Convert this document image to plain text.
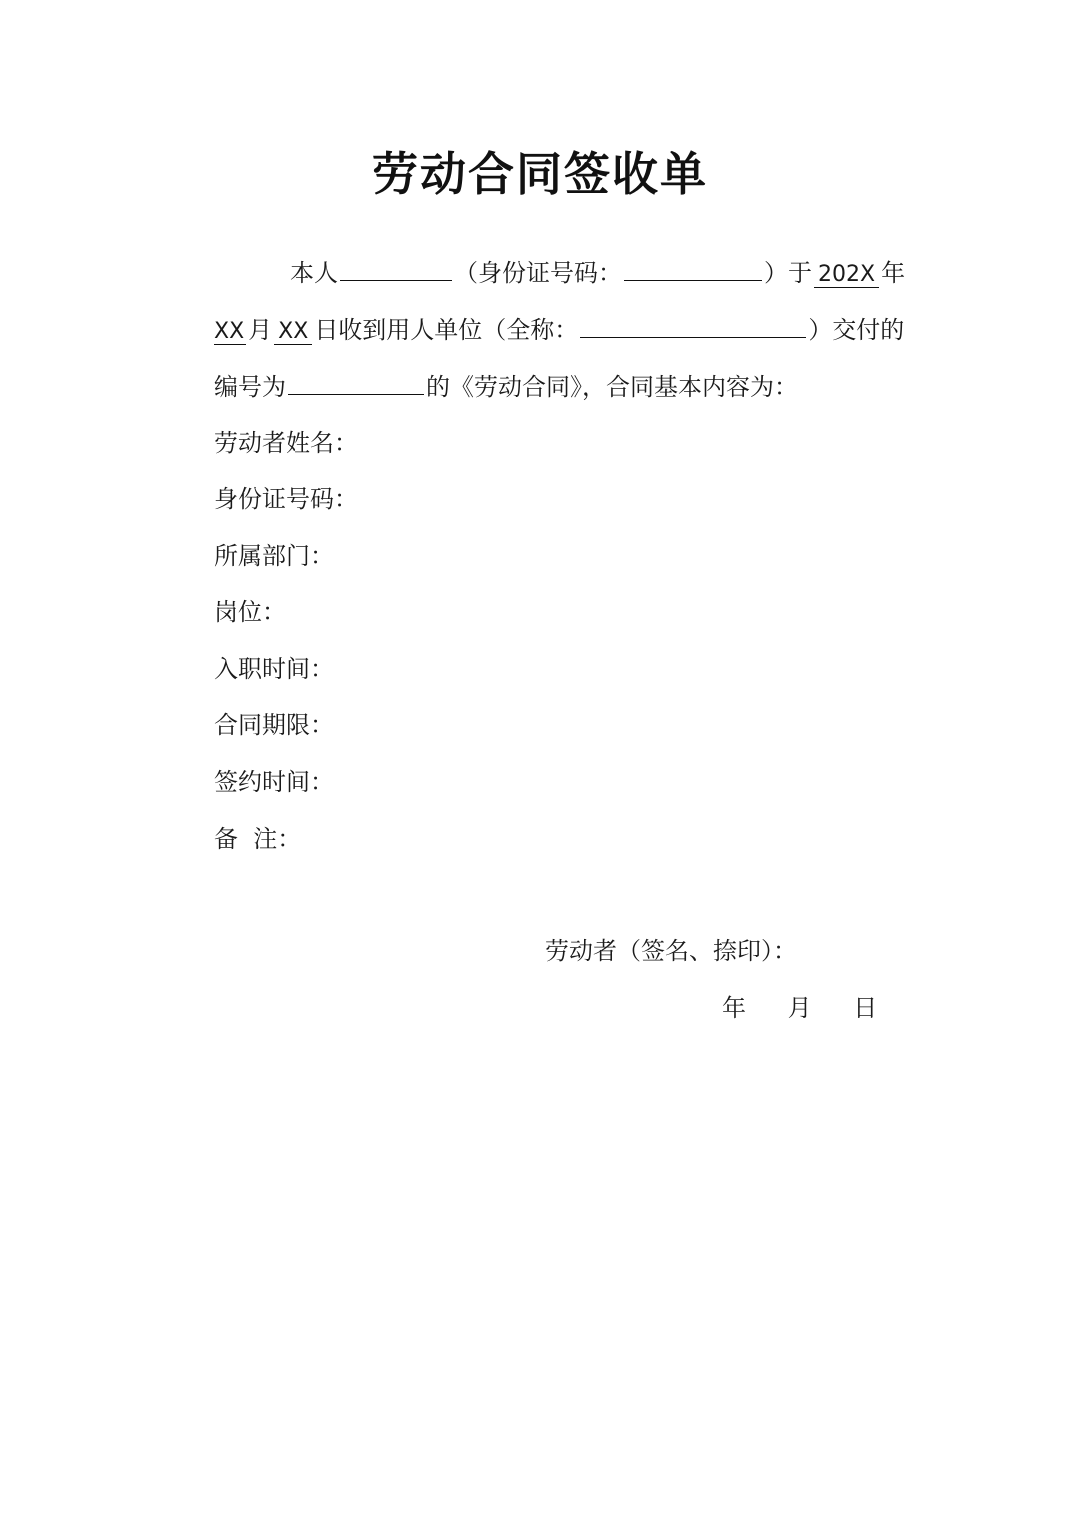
劳动合同签收单
本人	（身份证号码：	）于 202X 年
XX 月 XX 日收到用人单位（全称：	）交付的
编号为	的《劳动合同》，合同基本内容为：
劳动者姓名：
身份证号码：
所属部门：
岗位：
入职时间：
合同期限：
签约时间：
备  注：
劳动者（签名、捺印）：
年 月 日
